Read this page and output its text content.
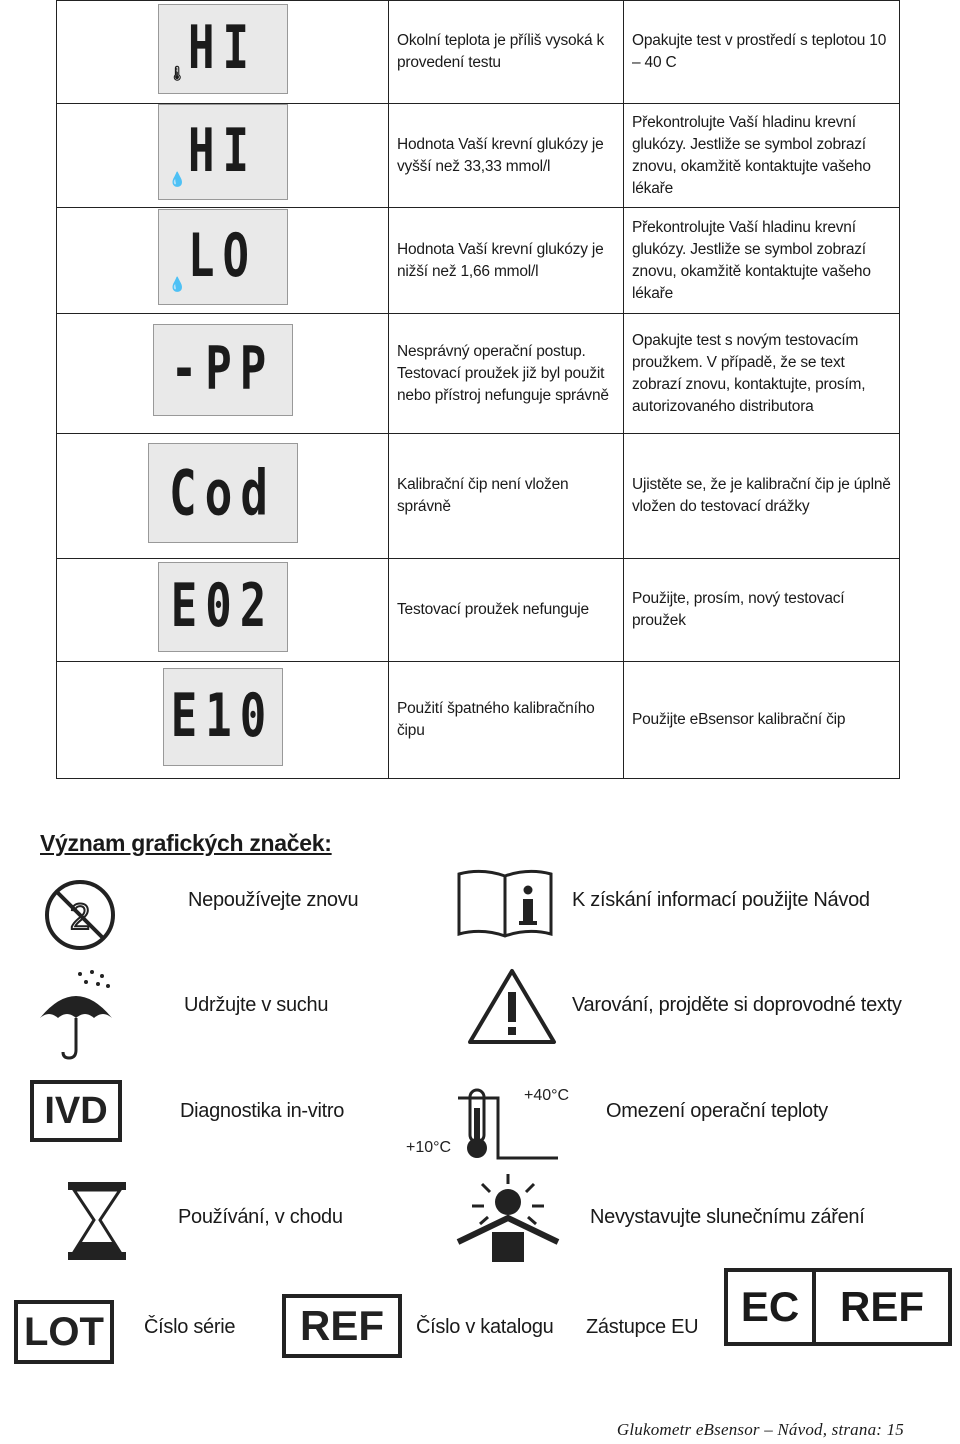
HI
🌡	Okolní teplota je příliš vysoká k provedení testu	Opakujte test v prostředí s teplotou 10 – 40 C

HI
💧	Hodnota Vaší krevní glukózy je vyšší než 33,33 mmol/l	Překontrolujte Vaší hladinu krevní glukózy. Jestliže se symbol zobrazí znovu, okamžitě kontaktujte vašeho lékaře

LO
💧	Hodnota Vaší krevní glukózy je nižší než 1,66 mmol/l	Překontrolujte Vaší hladinu krevní glukózy. Jestliže se symbol zobrazí znovu, okamžitě kontaktujte vašeho lékaře

-PP	Nesprávný operační postup. Testovací proužek již byl použit nebo přístroj nefunguje správně	Opakujte test s novým testovacím proužkem. V případě, že se text zobrazí znovu, kontaktujte, prosím, autorizovaného distributora

Cod	Kalibrační čip není vložen správně	Ujistěte se, že je kalibrační čip je úplně vložen do testovací drážky

E02	Testovací proužek nefunguje	Použijte, prosím, nový testovací proužek

E10	Použití špatného kalibračního čipu	Použijte eBsensor kalibrační čip
Význam grafických značek:
2	Nepoužívejte znovu	K získání informací použijte Návod
Udržujte v suchu	Varování, projděte si doprovodné texty
IVD	Diagnostika in-vitro
+40°C
+10°C
Omezení operační teploty
Používání, v chodu	Nevystavujte slunečnímu záření
LOT	Číslo série	REF	Číslo v katalogu Zástupce EU	EC REF
Glukometr eBsensor – Návod, strana: 15
